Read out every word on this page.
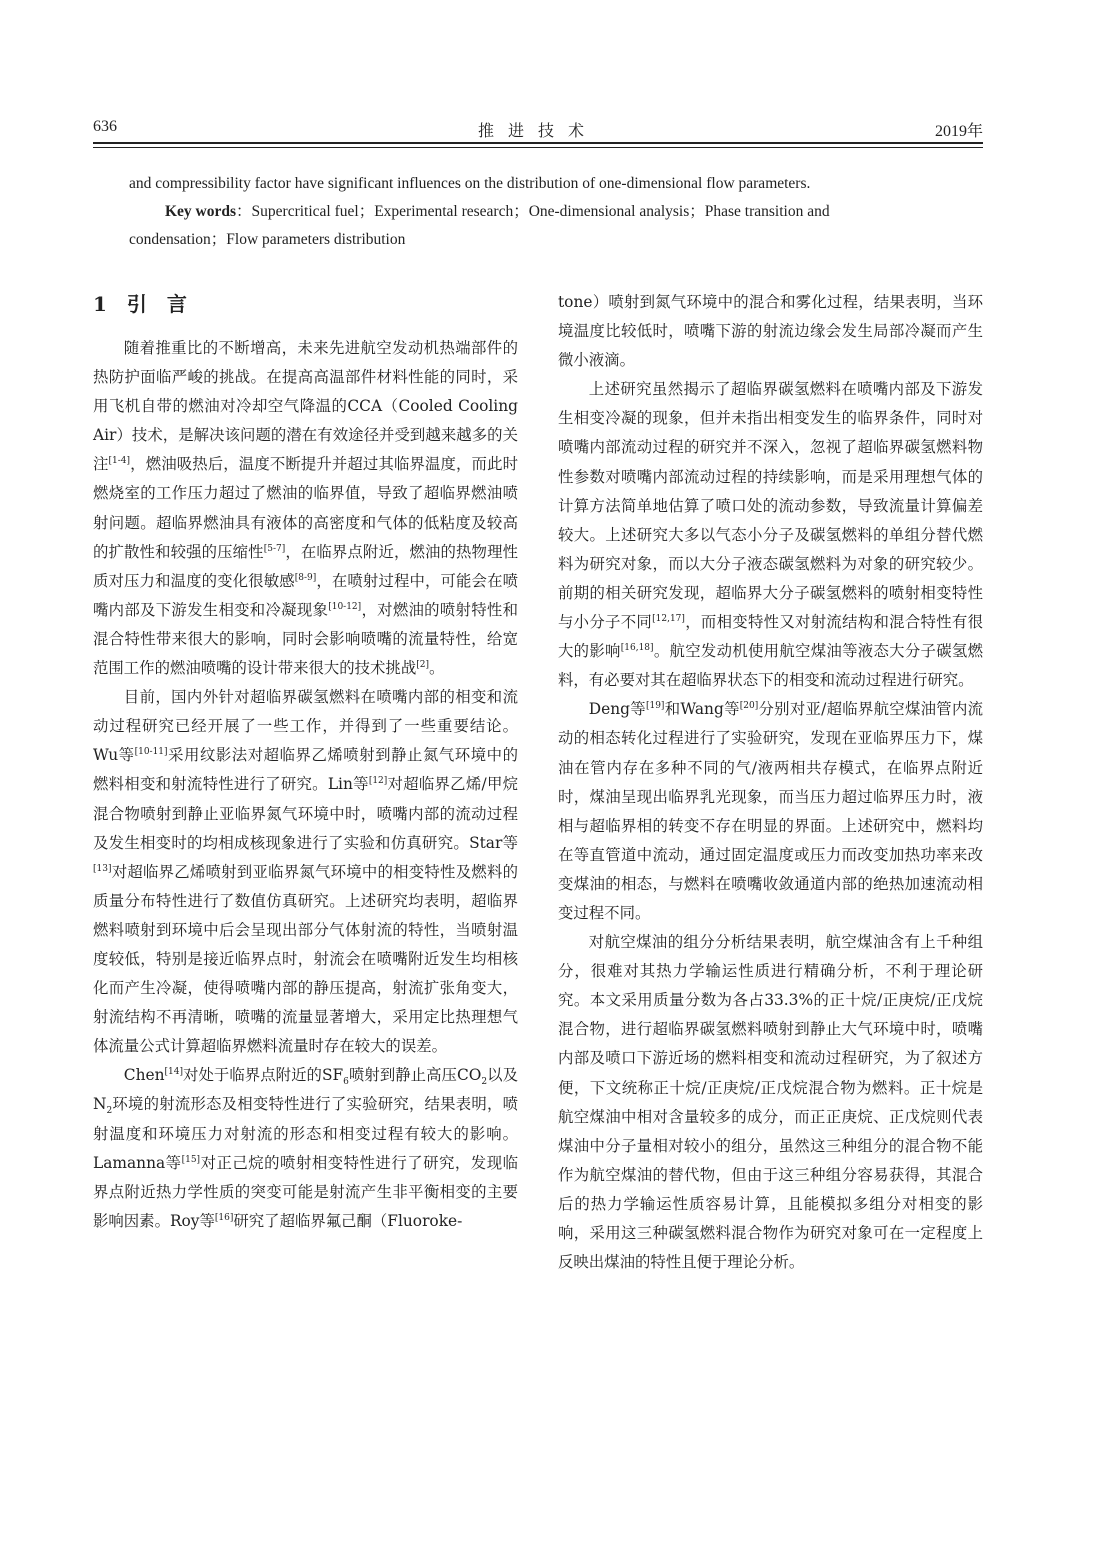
636	推进技术	2019年
and compressibility factor have significant influences on the distribution of one-dimensional flow parameters.
Key words：Supercritical fuel；Experimental research；One-dimensional analysis；Phase transition and
condensation；Flow parameters distribution
1 引 言

随着推重比的不断增高，未来先进航空发动机热端部件的热防护面临严峻的挑战。在提高高温部件材料性能的同时，采用飞机自带的燃油对冷却空气降温的CCA（Cooled Cooling Air）技术，是解决该问题的潜在有效途径并受到越来越多的关注[1-4]，燃油吸热后，温度不断提升并超过其临界温度，而此时燃烧室的工作压力超过了燃油的临界值，导致了超临界燃油喷射问题。超临界燃油具有液体的高密度和气体的低粘度及较高的扩散性和较强的压缩性[5-7]，在临界点附近，燃油的热物理性质对压力和温度的变化很敏感[8-9]，在喷射过程中，可能会在喷嘴内部及下游发生相变和冷凝现象[10-12]，对燃油的喷射特性和混合特性带来很大的影响，同时会影响喷嘴的流量特性，给宽范围工作的燃油喷嘴的设计带来很大的技术挑战[2]。

目前，国内外针对超临界碳氢燃料在喷嘴内部的相变和流动过程研究已经开展了一些工作，并得到了一些重要结论。Wu等[10-11]采用纹影法对超临界乙烯喷射到静止氮气环境中的燃料相变和射流特性进行了研究。Lin等[12]对超临界乙烯/甲烷混合物喷射到静止亚临界氮气环境中时，喷嘴内部的流动过程及发生相变时的均相成核现象进行了实验和仿真研究。Star等[13]对超临界乙烯喷射到亚临界氮气环境中的相变特性及燃料的质量分布特性进行了数值仿真研究。上述研究均表明，超临界燃料喷射到环境中后会呈现出部分气体射流的特性，当喷射温度较低，特别是接近临界点时，射流会在喷嘴附近发生均相核化而产生冷凝，使得喷嘴内部的静压提高，射流扩张角变大，射流结构不再清晰，喷嘴的流量显著增大，采用定比热理想气体流量公式计算超临界燃料流量时存在较大的误差。

Chen[14]对处于临界点附近的$SF_6$喷射到静止高压$CO_2$以及$N_2$环境的射流形态及相变特性进行了实验研究，结果表明，喷射温度和环境压力对射流的形态和相变过程有较大的影响。Lamanna等[15]对正己烷的喷射相变特性进行了研究，发现临界点附近热力学性质的突变可能是射流产生非平衡相变的主要影响因素。Roy等[16]研究了超临界氟己酮（Fluoroke-

tone）喷射到氮气环境中的混合和雾化过程，结果表明，当环境温度比较低时，喷嘴下游的射流边缘会发生局部冷凝而产生微小液滴。

上述研究虽然揭示了超临界碳氢燃料在喷嘴内部及下游发生相变冷凝的现象，但并未指出相变发生的临界条件，同时对喷嘴内部流动过程的研究并不深入，忽视了超临界碳氢燃料物性参数对喷嘴内部流动过程的持续影响，而是采用理想气体的计算方法简单地估算了喷口处的流动参数，导致流量计算偏差较大。上述研究大多以气态小分子及碳氢燃料的单组分替代燃料为研究对象，而以大分子液态碳氢燃料为对象的研究较少。前期的相关研究发现，超临界大分子碳氢燃料的喷射相变特性与小分子不同[12,17]，而相变特性又对射流结构和混合特性有很大的影响[16,18]。航空发动机使用航空煤油等液态大分子碳氢燃料，有必要对其在超临界状态下的相变和流动过程进行研究。

Deng等[19]和Wang等[20]分别对亚/超临界航空煤油管内流动的相态转化过程进行了实验研究，发现在亚临界压力下，煤油在管内存在多种不同的气/液两相共存模式，在临界点附近时，煤油呈现出临界乳光现象，而当压力超过临界压力时，液相与超临界相的转变不存在明显的界面。上述研究中，燃料均在等直管道中流动，通过固定温度或压力而改变加热功率来改变煤油的相态，与燃料在喷嘴收敛通道内部的绝热加速流动相变过程不同。

对航空煤油的组分分析结果表明，航空煤油含有上千种组分，很难对其热力学输运性质进行精确分析，不利于理论研究。本文采用质量分数为各占33.3%的正十烷/正庚烷/正戊烷混合物，进行超临界碳氢燃料喷射到静止大气环境中时，喷嘴内部及喷口下游近场的燃料相变和流动过程研究，为了叙述方便，下文统称正十烷/正庚烷/正戊烷混合物为燃料。正十烷是航空煤油中相对含量较多的成分，而正正庚烷、正戊烷则代表煤油中分子量相对较小的组分，虽然这三种组分的混合物不能作为航空煤油的替代物，但由于这三种组分容易获得，其混合后的热力学输运性质容易计算，且能模拟多组分对相变的影响，采用这三种碳氢燃料混合物作为研究对象可在一定程度上反映出煤油的特性且便于理论分析。
